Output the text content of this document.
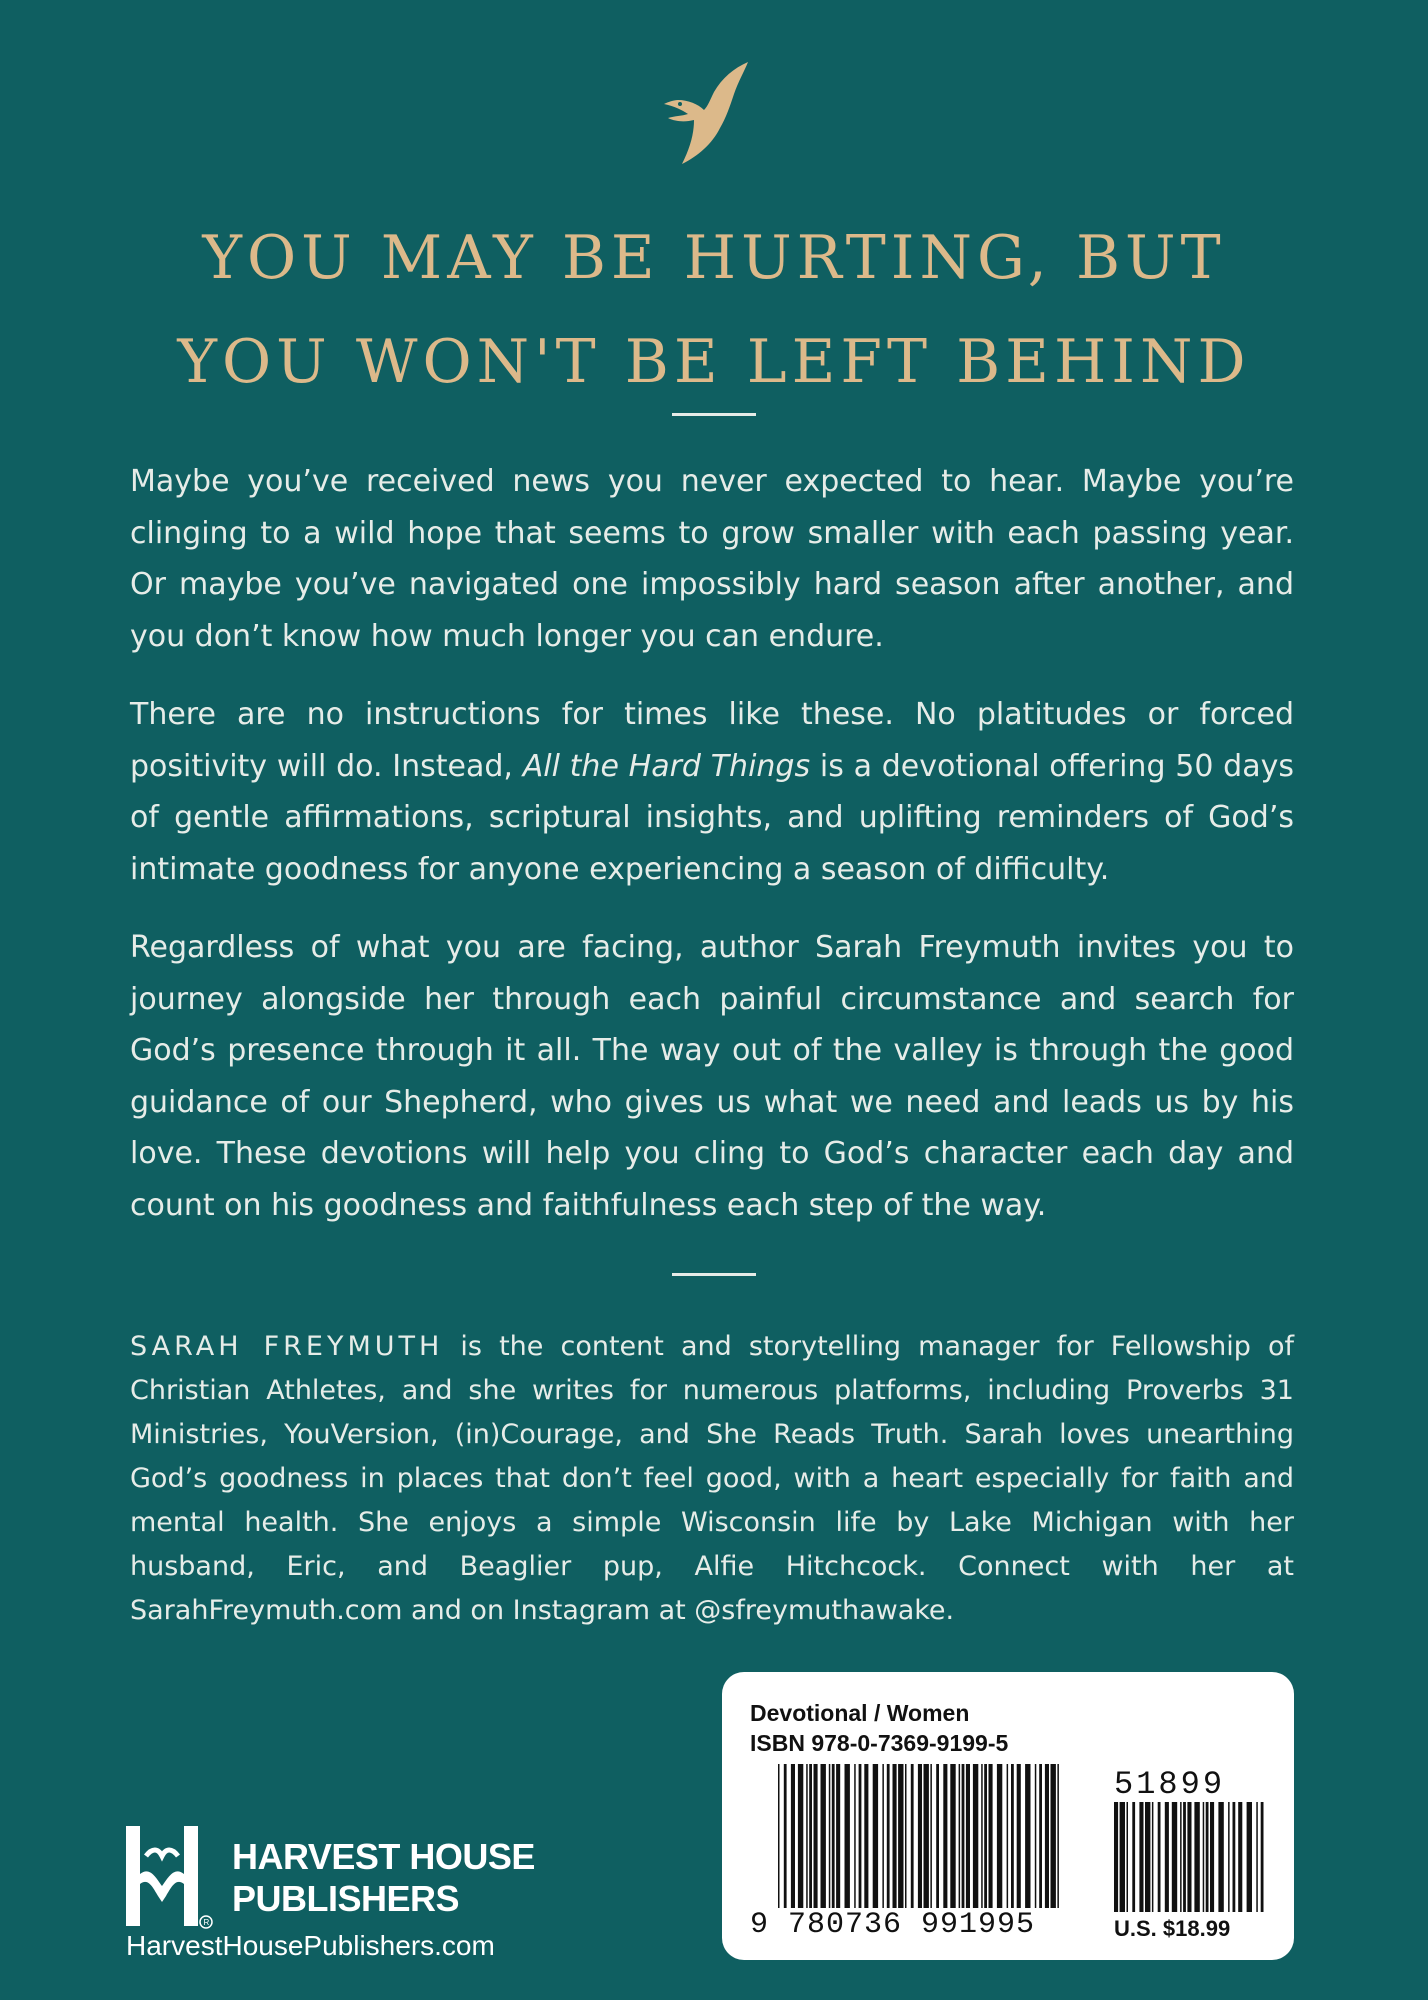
YOU MAY BE HURTING, BUT
YOU WON'T BE LEFT BEHIND

Maybe you’ve received news you never expected to hear. Maybe you’re clinging to a wild hope that seems to grow smaller with each passing year. Or maybe you’ve navigated one impossibly hard season after another, and you don’t know how much longer you can endure.

There are no instructions for times like these. No platitudes or forced positivity will do. Instead, All the Hard Things is a devotional offering 50 days of gentle affirmations, scriptural insights, and uplifting reminders of God’s intimate goodness for anyone experiencing a season of difficulty.

Regardless of what you are facing, author Sarah Freymuth invites you to journey alongside her through each painful circumstance and search for God’s presence through it all. The way out of the valley is through the good guidance of our Shepherd, who gives us what we need and leads us by his love. These devotions will help you cling to God’s character each day and count on his goodness and faithfulness each step of the way.

SARAH FREYMUTH is the content and storytelling manager for Fellowship of Christian Athletes, and she writes for numerous platforms, including Proverbs 31 Ministries, YouVersion, (in)Courage, and She Reads Truth. Sarah loves unearthing God’s goodness in places that don’t feel good, with a heart especially for faith and mental health. She enjoys a simple Wisconsin life by Lake Michigan with her husband, Eric, and Beaglier pup, Alfie Hitchcock. Connect with her at SarahFreymuth.com and on Instagram at @sfreymuthawake.

R
HARVEST HOUSE
PUBLISHERS
HarvestHousePublishers.com
Devotional / Women
ISBN 978-0-7369-9199-5
9 780736 991995
51899
U.S. $18.99
